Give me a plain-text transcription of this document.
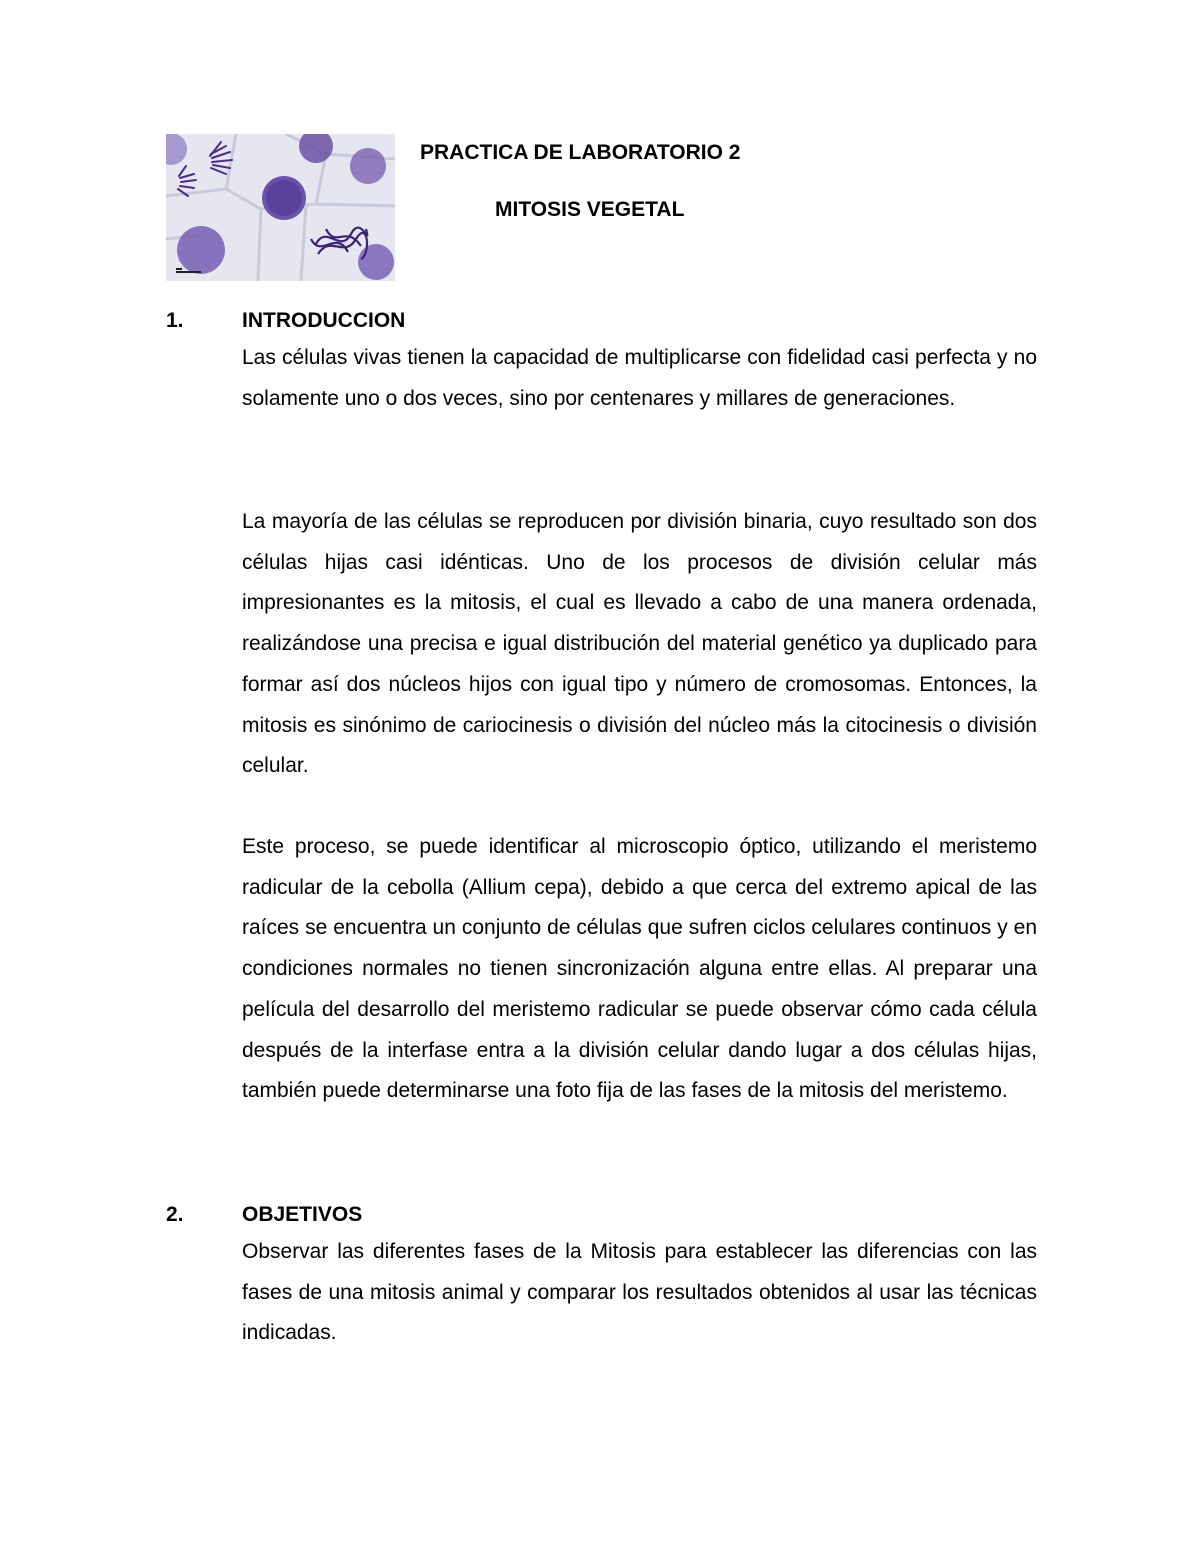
PRACTICA DE LABORATORIO 2
MITOSIS VEGETAL
1.	INTRODUCCION

Las células vivas tienen la capacidad de multiplicarse con fidelidad casi perfecta y no solamente uno o dos veces, sino por centenares y millares de generaciones.

La mayoría de las células se reproducen por división binaria, cuyo resultado son dos células hijas casi idénticas. Uno de los procesos de división celular más impresionantes es la mitosis, el cual es llevado a cabo de una manera ordenada, realizándose una precisa e igual distribución del material genético ya duplicado para formar así dos núcleos hijos con igual tipo y número de cromosomas. Entonces, la mitosis es sinónimo de cariocinesis o división del núcleo más la citocinesis o división celular.

Este proceso, se puede identificar al microscopio óptico, utilizando el meristemo radicular de la cebolla (Allium cepa), debido a que cerca del extremo apical de las raíces se encuentra un conjunto de células que sufren ciclos celulares continuos y en condiciones normales no tienen sincronización alguna entre ellas. Al preparar una película del desarrollo del meristemo radicular se puede observar cómo cada célula después de la interfase entra a la división celular dando lugar a dos células hijas, también puede determinarse una foto fija de las fases de la mitosis del meristemo.

2.	OBJETIVOS

Observar las diferentes fases de la Mitosis para establecer las diferencias con las fases de una mitosis animal y comparar los resultados obtenidos al usar las técnicas indicadas.
